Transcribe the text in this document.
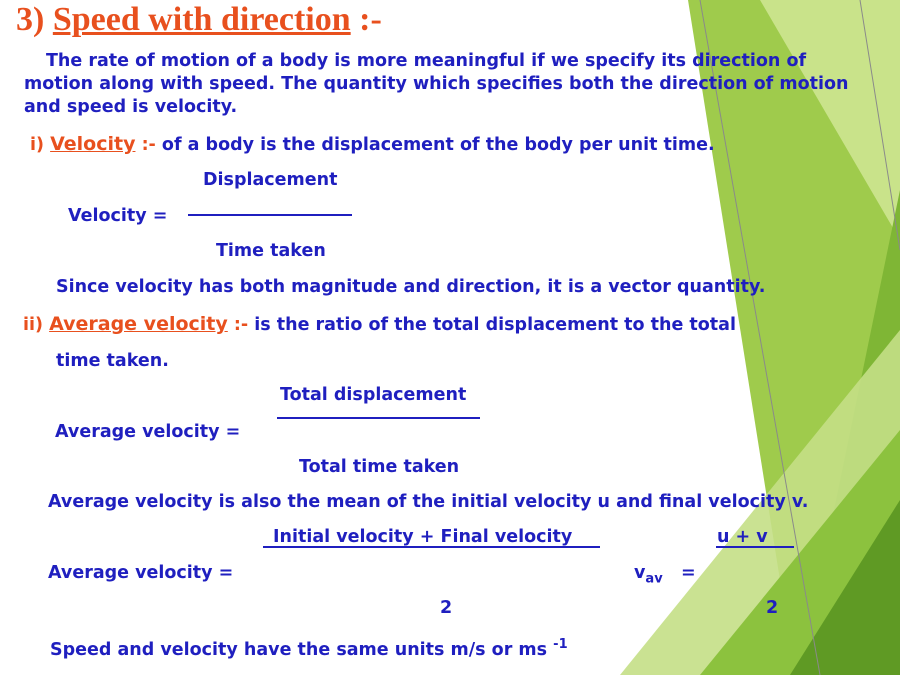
3) Speed with direction :-
The rate of motion of a body is more meaningful if we specify its direction of
motion along with speed. The quantity which specifies both the direction of motion
and speed is velocity.
i) Velocity :- of a body is the displacement of the body per unit time.
Displacement
Velocity =
Time taken
Since velocity has both magnitude and direction, it is a vector quantity.
ii) Average velocity :- is the ratio of the total displacement to the total
time taken.
Total displacement
Average velocity =
Total time taken
Average velocity is also the mean of the initial velocity u and final velocity v.
Initial velocity + Final velocity	u + v
Average velocity =	$v_{av}$ =
2	2
Speed and velocity have the same units m/s or ms $^{-1}$
